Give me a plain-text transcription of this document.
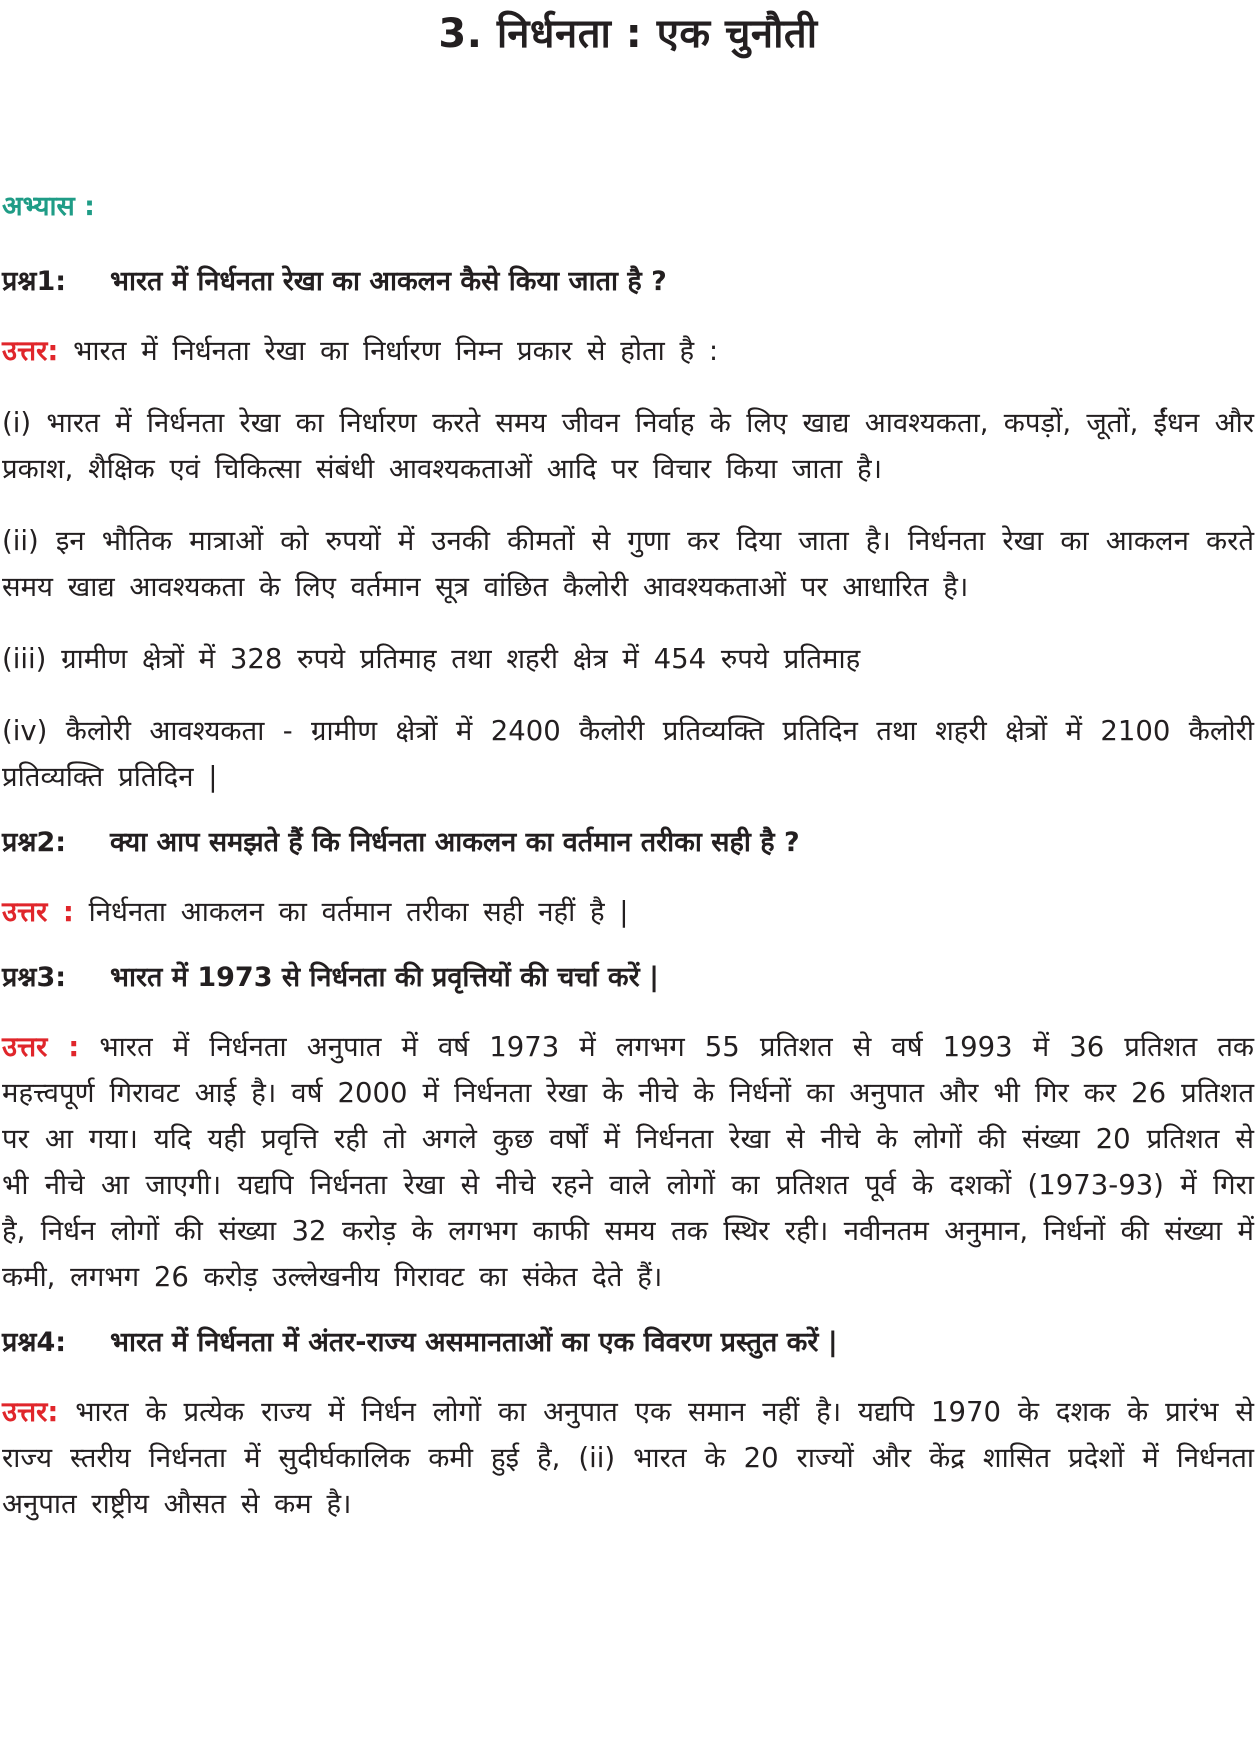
3. निर्धनता : एक चुनौती
अभ्यास :
प्रश्न1: भारत में निर्धनता रेखा का आकलन कैसे किया जाता है ?
उत्तर: भारत में निर्धनता रेखा का निर्धारण निम्न प्रकार से होता है :
(i) भारत में निर्धनता रेखा का निर्धारण करते समय जीवन निर्वाह के लिए खाद्य आवश्यकता, कपड़ों, जूतों, ईंधन और प्रकाश, शैक्षिक एवं चिकित्सा संबंधी आवश्यकताओं आदि पर विचार किया जाता है।
(ii) इन भौतिक मात्राओं को रुपयों में उनकी कीमतों से गुणा कर दिया जाता है। निर्धनता रेखा का आकलन करते समय खाद्य आवश्यकता के लिए वर्तमान सूत्र वांछित कैलोरी आवश्यकताओं पर आधारित है।
(iii) ग्रामीण क्षेत्रों में 328 रुपये प्रतिमाह तथा शहरी क्षेत्र में 454 रुपये प्रतिमाह
(iv) कैलोरी आवश्यकता - ग्रामीण क्षेत्रों में 2400 कैलोरी प्रतिव्यक्ति प्रतिदिन तथा शहरी क्षेत्रों में 2100 कैलोरी प्रतिव्यक्ति प्रतिदिन |
प्रश्न2: क्या आप समझते हैं कि निर्धनता आकलन का वर्तमान तरीका सही है ?
उत्तर : निर्धनता आकलन का वर्तमान तरीका सही नहीं है |
प्रश्न3: भारत में 1973 से निर्धनता की प्रवृत्तियों की चर्चा करें |
उत्तर : भारत में निर्धनता अनुपात में वर्ष 1973 में लगभग 55 प्रतिशत से वर्ष 1993 में 36 प्रतिशत तक महत्त्वपूर्ण गिरावट आई है। वर्ष 2000 में निर्धनता रेखा के नीचे के निर्धनों का अनुपात और भी गिर कर 26 प्रतिशत पर आ गया। यदि यही प्रवृत्ति रही तो अगले कुछ वर्षों में निर्धनता रेखा से नीचे के लोगों की संख्या 20 प्रतिशत से भी नीचे आ जाएगी। यद्यपि निर्धनता रेखा से नीचे रहने वाले लोगों का प्रतिशत पूर्व के दशकों (1973-93) में गिरा है, निर्धन लोगों की संख्या 32 करोड़ के लगभग काफी समय तक स्थिर रही। नवीनतम अनुमान, निर्धनों की संख्या में कमी, लगभग 26 करोड़ उल्लेखनीय गिरावट का संकेत देते हैं।
प्रश्न4: भारत में निर्धनता में अंतर-राज्य असमानताओं का एक विवरण प्रस्तुत करें |
उत्तर: भारत के प्रत्येक राज्य में निर्धन लोगों का अनुपात एक समान नहीं है। यद्यपि 1970 के दशक के प्रारंभ से राज्य स्तरीय निर्धनता में सुदीर्घकालिक कमी हुई है, (ii) भारत के 20 राज्यों और केंद्र शासित प्रदेशों में निर्धनता अनुपात राष्ट्रीय औसत से कम है।
